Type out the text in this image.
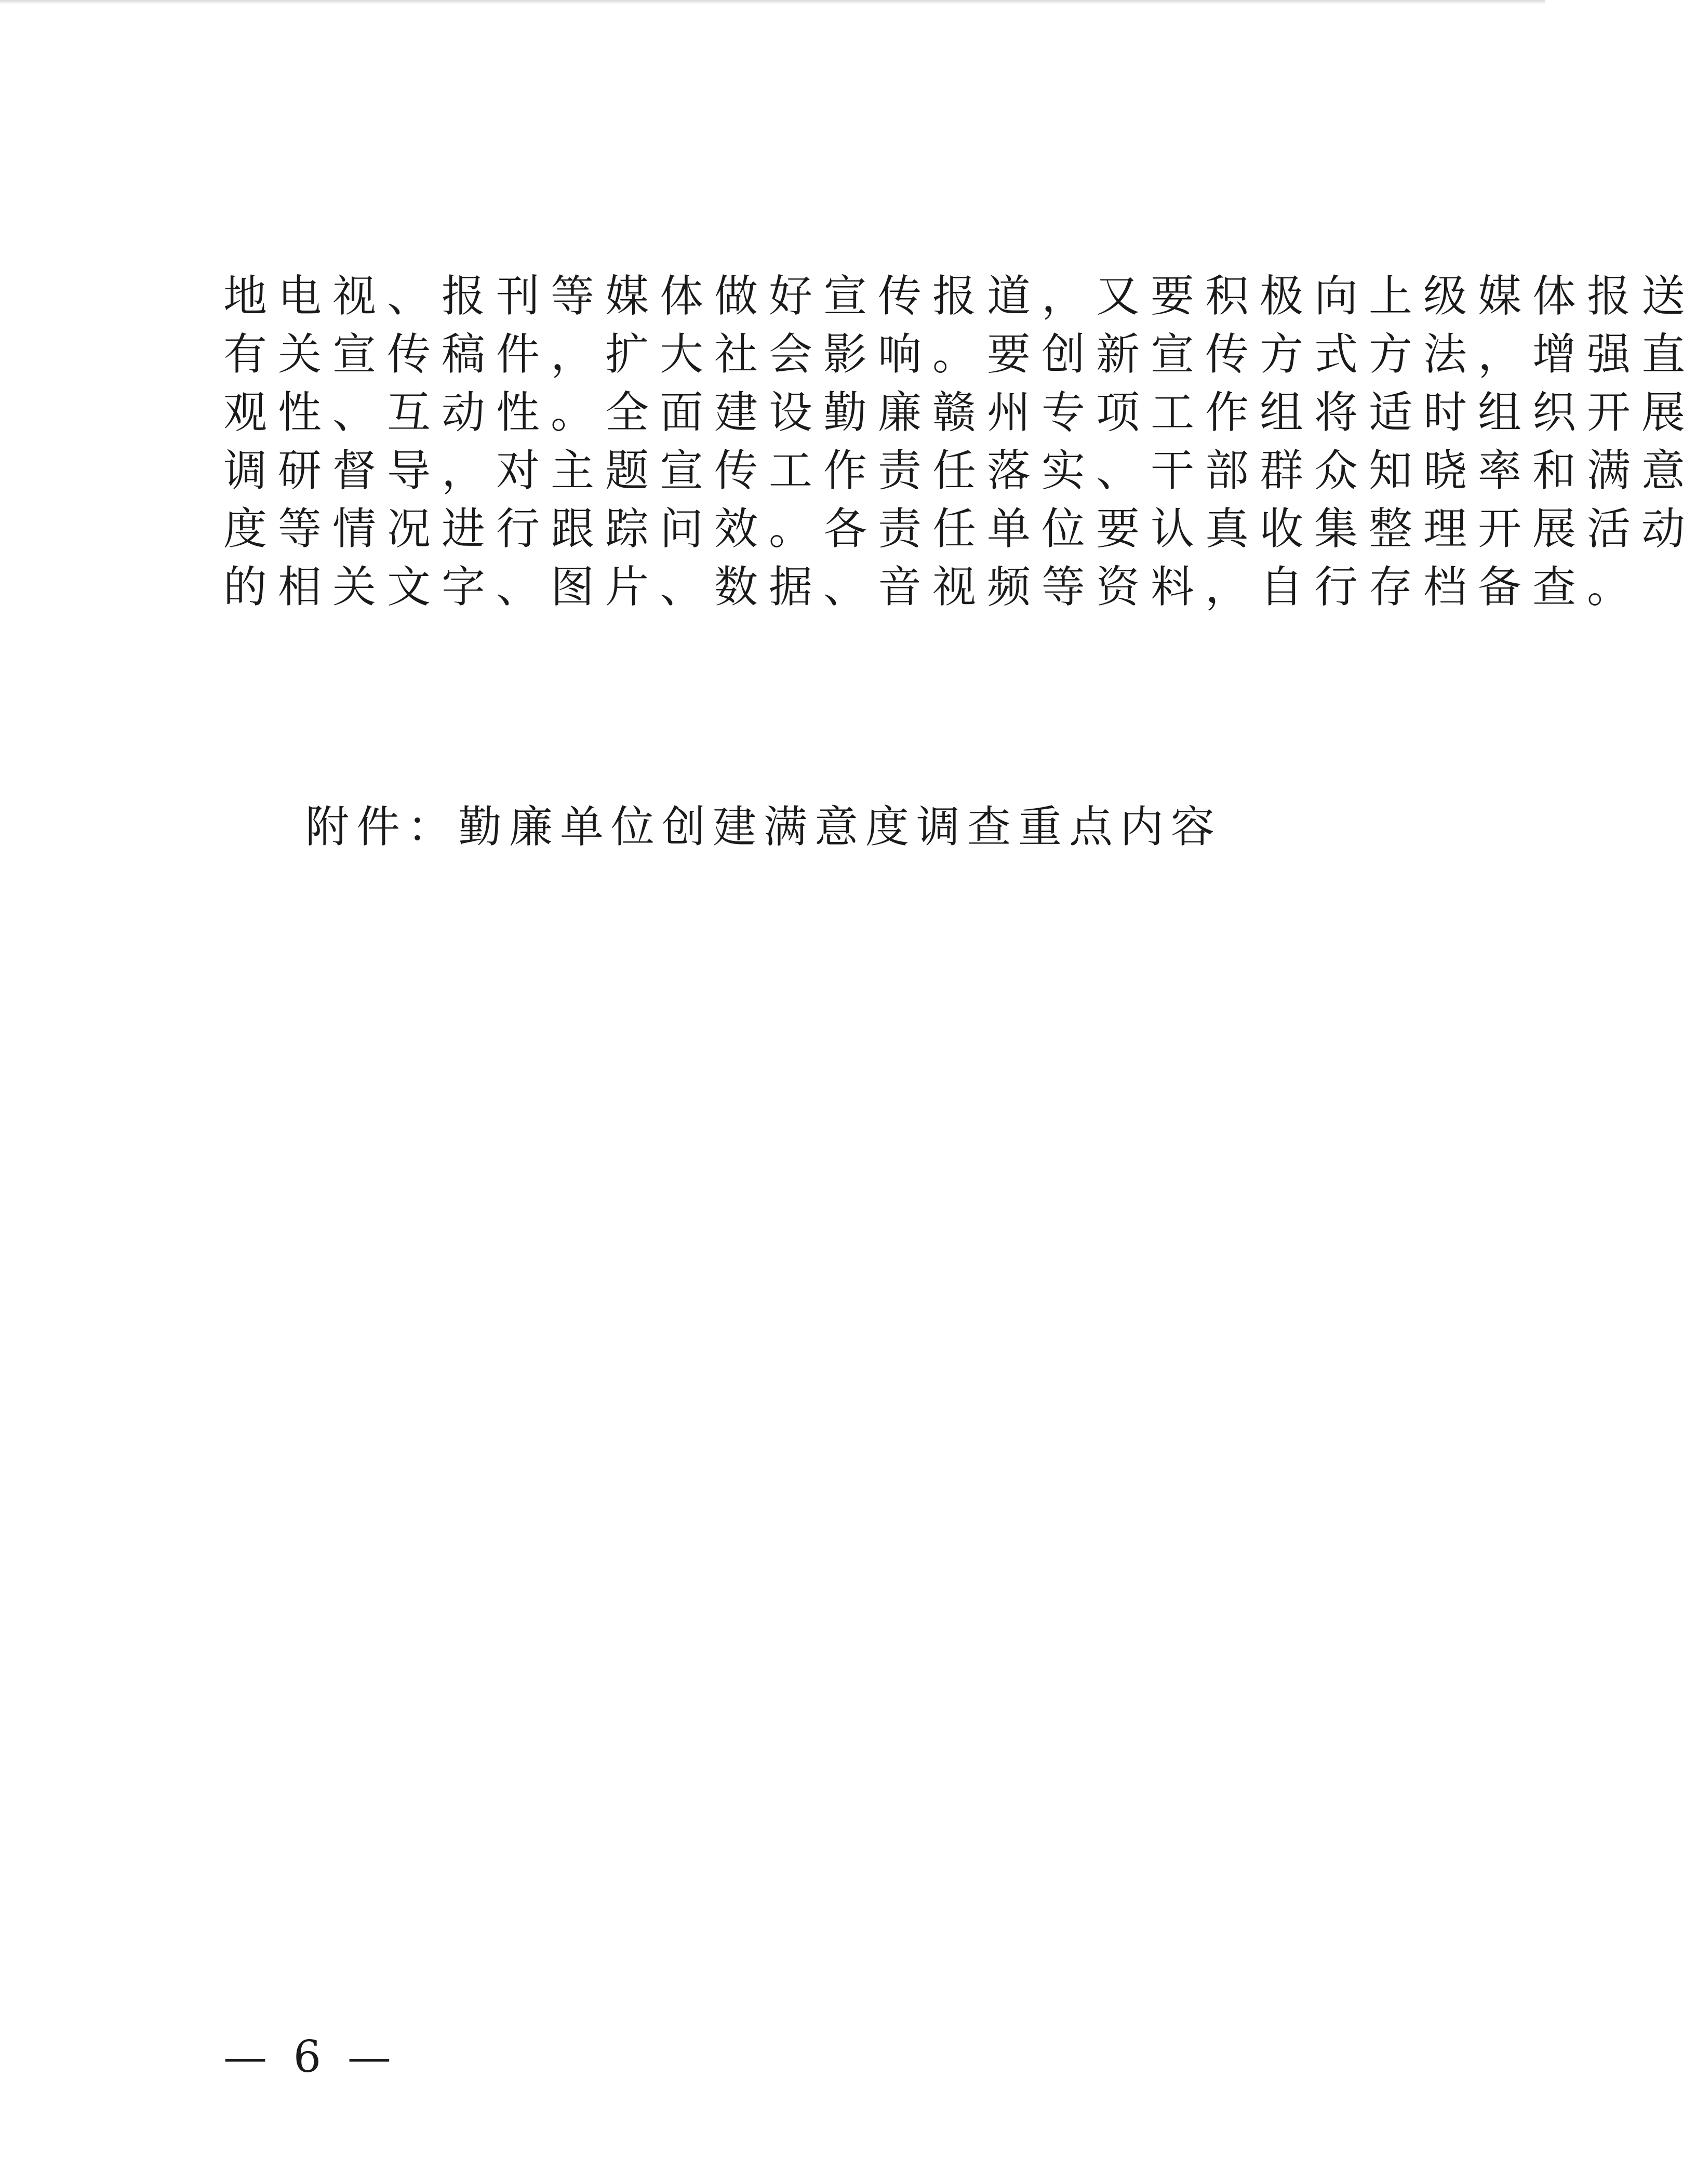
地电视、报刊等媒体做好宣传报道，又要积极向上级媒体报送
有关宣传稿件，扩大社会影响。要创新宣传方式方法，增强直
观性、互动性。全面建设勤廉赣州专项工作组将适时组织开展
调研督导，对主题宣传工作责任落实、干部群众知晓率和满意
度等情况进行跟踪问效。各责任单位要认真收集整理开展活动
的相关文字、图片、数据、音视频等资料，自行存档备查。
附件：勤廉单位创建满意度调查重点内容
— 6 —
